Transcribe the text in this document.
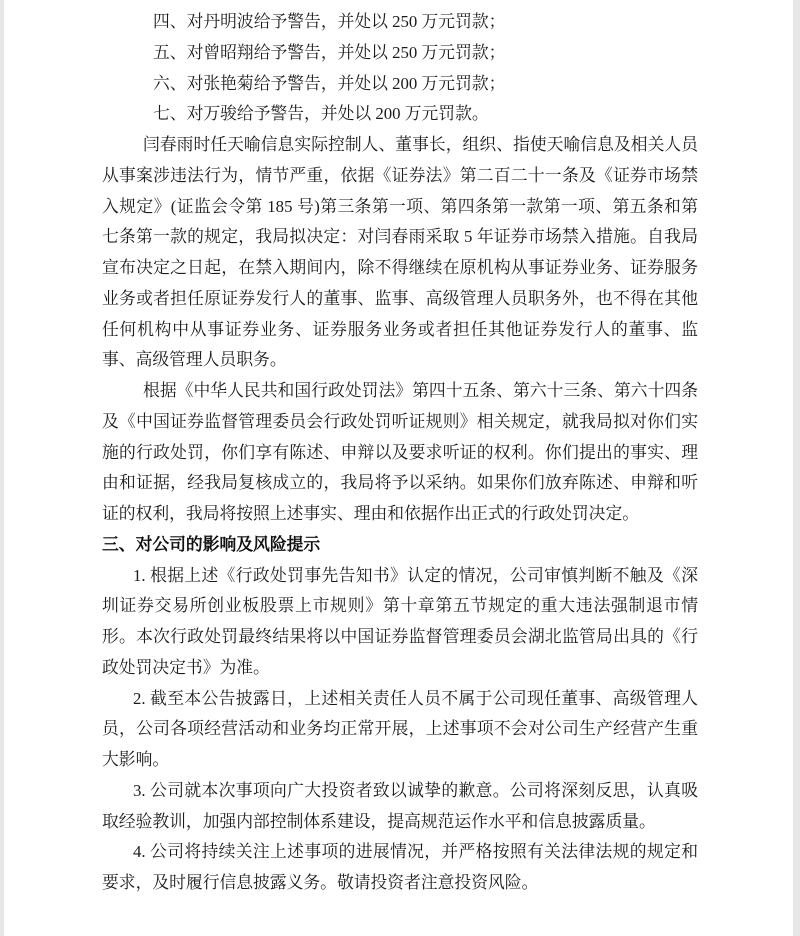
四、对丹明波给予警告，并处以 250 万元罚款；

五、对曾昭翔给予警告，并处以 250 万元罚款；

六、对张艳菊给予警告，并处以 200 万元罚款；

七、对万骏给予警告，并处以 200 万元罚款。

闫春雨时任天喻信息实际控制人、董事长，组织、指使天喻信息及相关人员从事案涉违法行为，情节严重，依据《证券法》第二百二十一条及《证券市场禁入规定》(证监会令第 185 号)第三条第一项、第四条第一款第一项、第五条和第七条第一款的规定，我局拟决定：对闫春雨采取 5 年证券市场禁入措施。自我局宣布决定之日起，在禁入期间内，除不得继续在原机构从事证券业务、证券服务业务或者担任原证券发行人的董事、监事、高级管理人员职务外，也不得在其他任何机构中从事证券业务、证券服务业务或者担任其他证券发行人的董事、监事、高级管理人员职务。

根据《中华人民共和国行政处罚法》第四十五条、第六十三条、第六十四条及《中国证券监督管理委员会行政处罚听证规则》相关规定，就我局拟对你们实施的行政处罚，你们享有陈述、申辩以及要求听证的权利。你们提出的事实、理由和证据，经我局复核成立的，我局将予以采纳。如果你们放弃陈述、申辩和听证的权利，我局将按照上述事实、理由和依据作出正式的行政处罚决定。

三、对公司的影响及风险提示

1. 根据上述《行政处罚事先告知书》认定的情况，公司审慎判断不触及《深圳证券交易所创业板股票上市规则》第十章第五节规定的重大违法强制退市情形。本次行政处罚最终结果将以中国证券监督管理委员会湖北监管局出具的《行政处罚决定书》为准。

2. 截至本公告披露日，上述相关责任人员不属于公司现任董事、高级管理人员，公司各项经营活动和业务均正常开展，上述事项不会对公司生产经营产生重大影响。

3. 公司就本次事项向广大投资者致以诚挚的歉意。公司将深刻反思，认真吸取经验教训，加强内部控制体系建设，提高规范运作水平和信息披露质量。

4. 公司将持续关注上述事项的进展情况，并严格按照有关法律法规的规定和要求，及时履行信息披露义务。敬请投资者注意投资风险。
